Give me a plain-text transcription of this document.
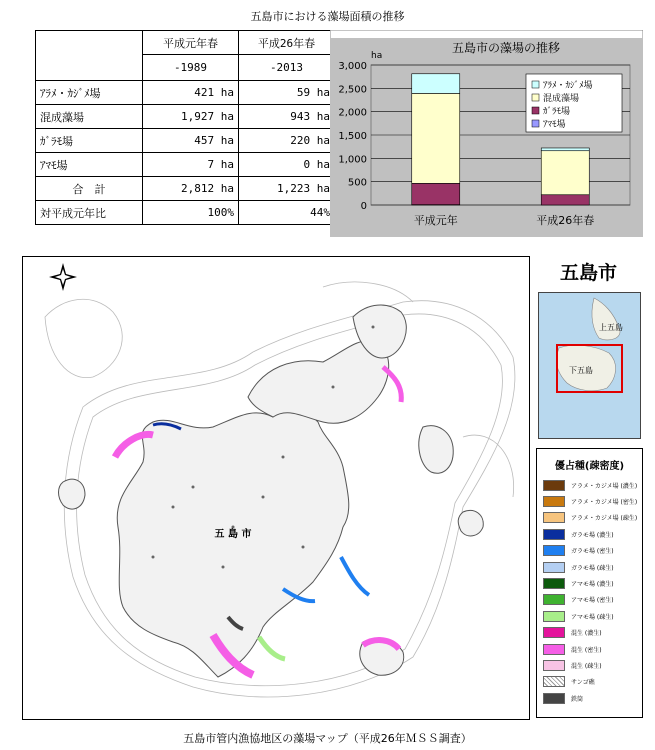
五島市における藻場面積の推移
	平成元年春	平成26年春
	-1989	-2013
ｱﾗﾒ・ｶｼﾞﾒ場	421 ha	59 ha
混成藻場	1,927 ha	943 ha
ｶﾞﾗﾓ場	457 ha	220 ha
ｱﾏﾓ場	7 ha	0 ha
合　計	2,812 ha	1,223 ha
対平成元年比	100%	44%
五島市の藻場の推移
ha
0
500
1,000
1,500
2,000
2,500
3,000
平成元年	平成26年春
ｱﾗﾒ・ｶｼﾞﾒ場
混成藻場
ｶﾞﾗﾓ場
ｱﾏﾓ場
五 島 市
五島市管内漁協地区の藻場マップ（平成26年ＭＳＳ調査）
五島市
上五島
下五島
優占種(疎密度)
アラメ・カジメ場 (濃生)
アラメ・カジメ場 (密生)
アラメ・カジメ場 (疎生)
ガラモ場 (濃生)
ガラモ場 (密生)
ガラモ場 (疎生)
アマモ場 (濃生)
アマモ場 (密生)
アマモ場 (疎生)
混生 (濃生)
混生 (密生)
混生 (疎生)
サンゴ礁
鉄筒
